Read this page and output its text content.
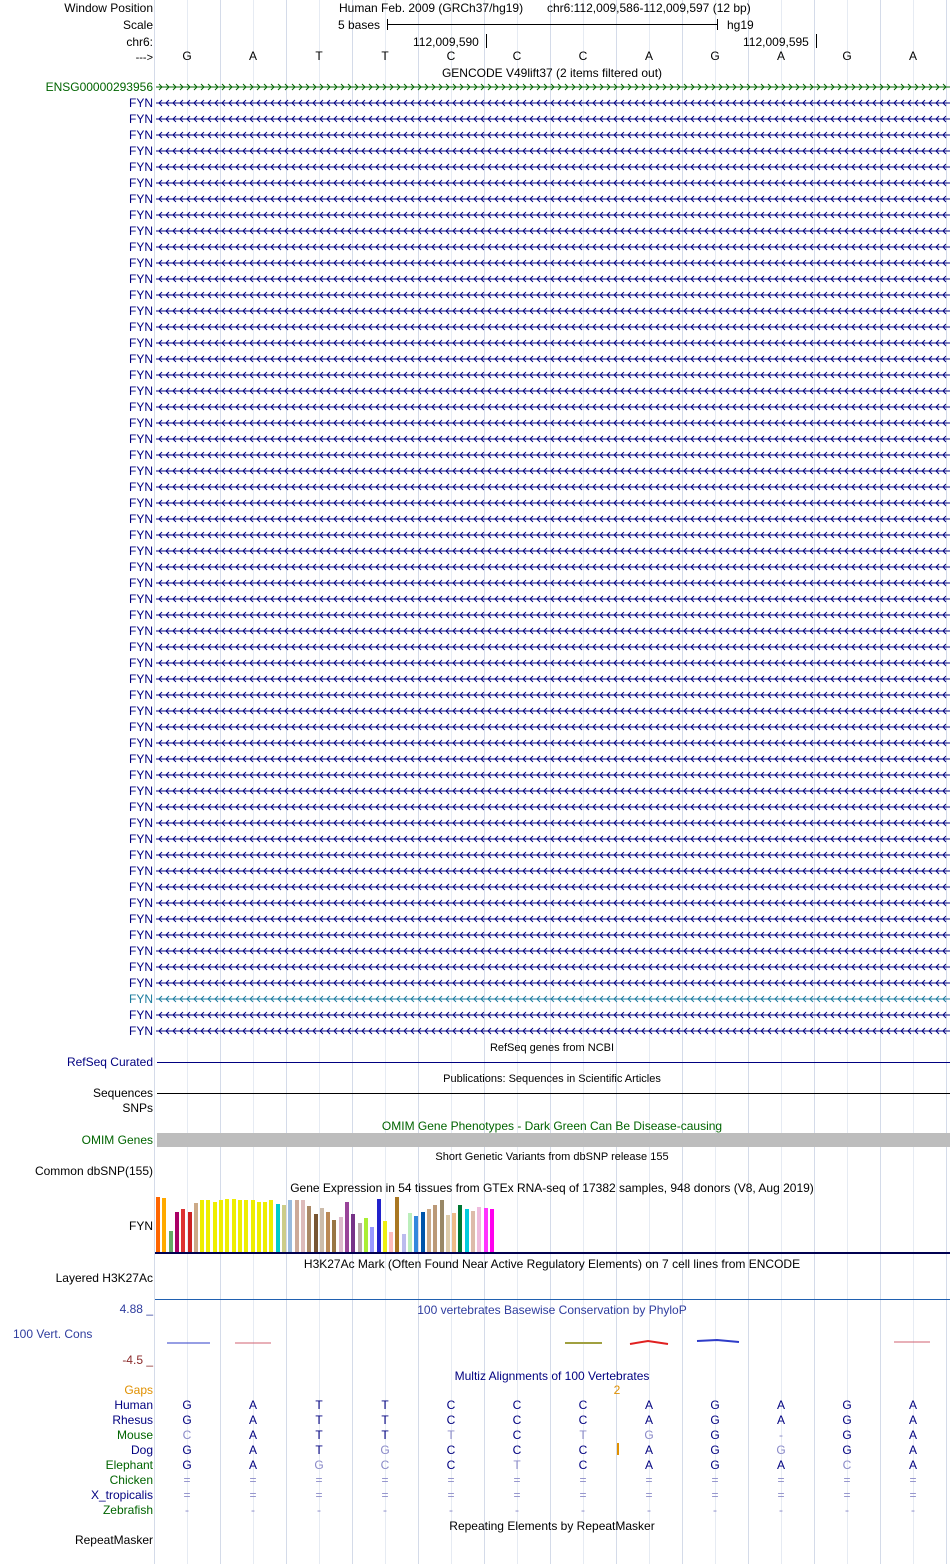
Window Position
Scale
chr6:
--->
Human Feb. 2009 (GRCh37/hg19) chr6:112,009,586-112,009,597 (12 bp)
5 bases	hg19
112,009,590	112,009,595
G	A	T	T	C	C	C	A	G	A	G	A
GENCODE V49lift37 (2 items filtered out)
RefSeq genes from NCBI
RefSeq Curated
Publications: Sequences in Scientific Articles
Sequences
SNPs
OMIM Gene Phenotypes - Dark Green Can Be Disease-causing
OMIM Genes
Short Genetic Variants from dbSNP release 155
Common dbSNP(155)
Gene Expression in 54 tissues from GTEx RNA-seq of 17382 samples, 948 donors (V8, Aug 2019)
FYN
H3K27Ac Mark (Often Found Near Active Regulatory Elements) on 7 cell lines from ENCODE
Layered H3K27Ac
100 vertebrates Basewise Conservation by PhyloP
4.88 _
100 Vert. Cons
-4.5 _
Multiz Alignments of 100 Vertebrates
Gaps	2
Human G	A	T	T	C	C	C	A	G	A	G	A
Rhesus G	A	T	T	C	C	C	A	G	A	G	A
Mouse C	A	T	T	T	C	T	G	G	-	G	A
Dog G	A	T	G	C	C	C	A	G	G	G	A
Elephant G	A	G	C	C	T	C	A	G	A	C	A
Chicken	=	=	=	=	=	=	=	=	=	=	=	=
X_tropicalis	=	=	=	=	=	=	=	=	=	=	=	=
Zebrafish	-	-	-	-	-	-	-	-	-	-	-	-
Repeating Elements by RepeatMasker
RepeatMasker
ENSG00000293956
FYN
FYN
FYN
FYN
FYN
FYN
FYN
FYN
FYN
FYN
FYN
FYN
FYN
FYN
FYN
FYN
FYN
FYN
FYN
FYN
FYN
FYN
FYN
FYN
FYN
FYN
FYN
FYN
FYN
FYN
FYN
FYN
FYN
FYN
FYN
FYN
FYN
FYN
FYN
FYN
FYN
FYN
FYN
FYN
FYN
FYN
FYN
FYN
FYN
FYN
FYN
FYN
FYN
FYN
FYN
FYN
FYN
FYN
FYN
